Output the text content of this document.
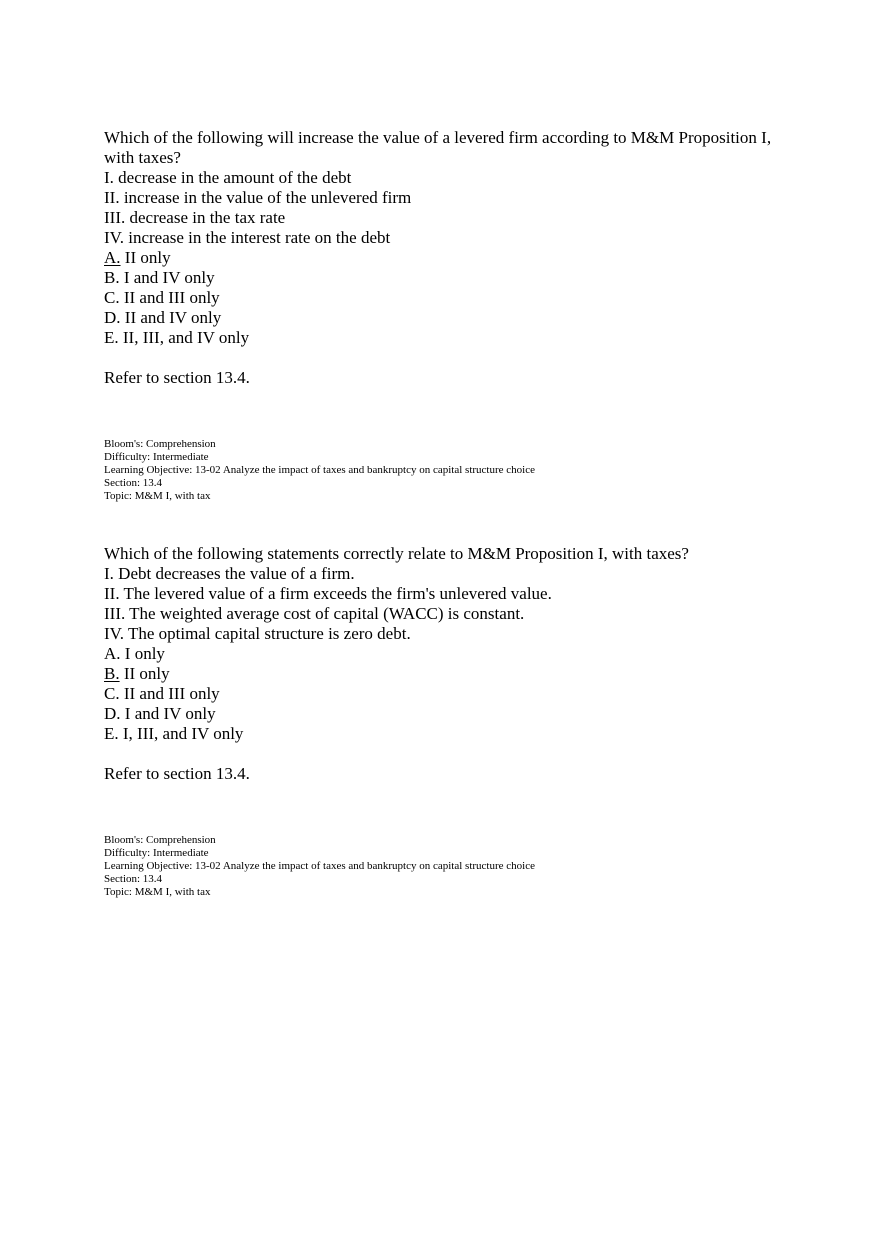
Which of the following will increase the value of a levered firm according to M&M Proposition I, with taxes?
I. decrease in the amount of the debt
II. increase in the value of the unlevered firm
III. decrease in the tax rate
IV. increase in the interest rate on the debt
A. II only
B. I and IV only
C. II and III only
D. II and IV only
E. II, III, and IV only
Refer to section 13.4.
Bloom's: Comprehension
Difficulty: Intermediate
Learning Objective: 13-02 Analyze the impact of taxes and bankruptcy on capital structure choice
Section: 13.4
Topic: M&M I, with tax
Which of the following statements correctly relate to M&M Proposition I, with taxes?
I. Debt decreases the value of a firm.
II. The levered value of a firm exceeds the firm's unlevered value.
III. The weighted average cost of capital (WACC) is constant.
IV. The optimal capital structure is zero debt.
A. I only
B. II only
C. II and III only
D. I and IV only
E. I, III, and IV only
Refer to section 13.4.
Bloom's: Comprehension
Difficulty: Intermediate
Learning Objective: 13-02 Analyze the impact of taxes and bankruptcy on capital structure choice
Section: 13.4
Topic: M&M I, with tax
